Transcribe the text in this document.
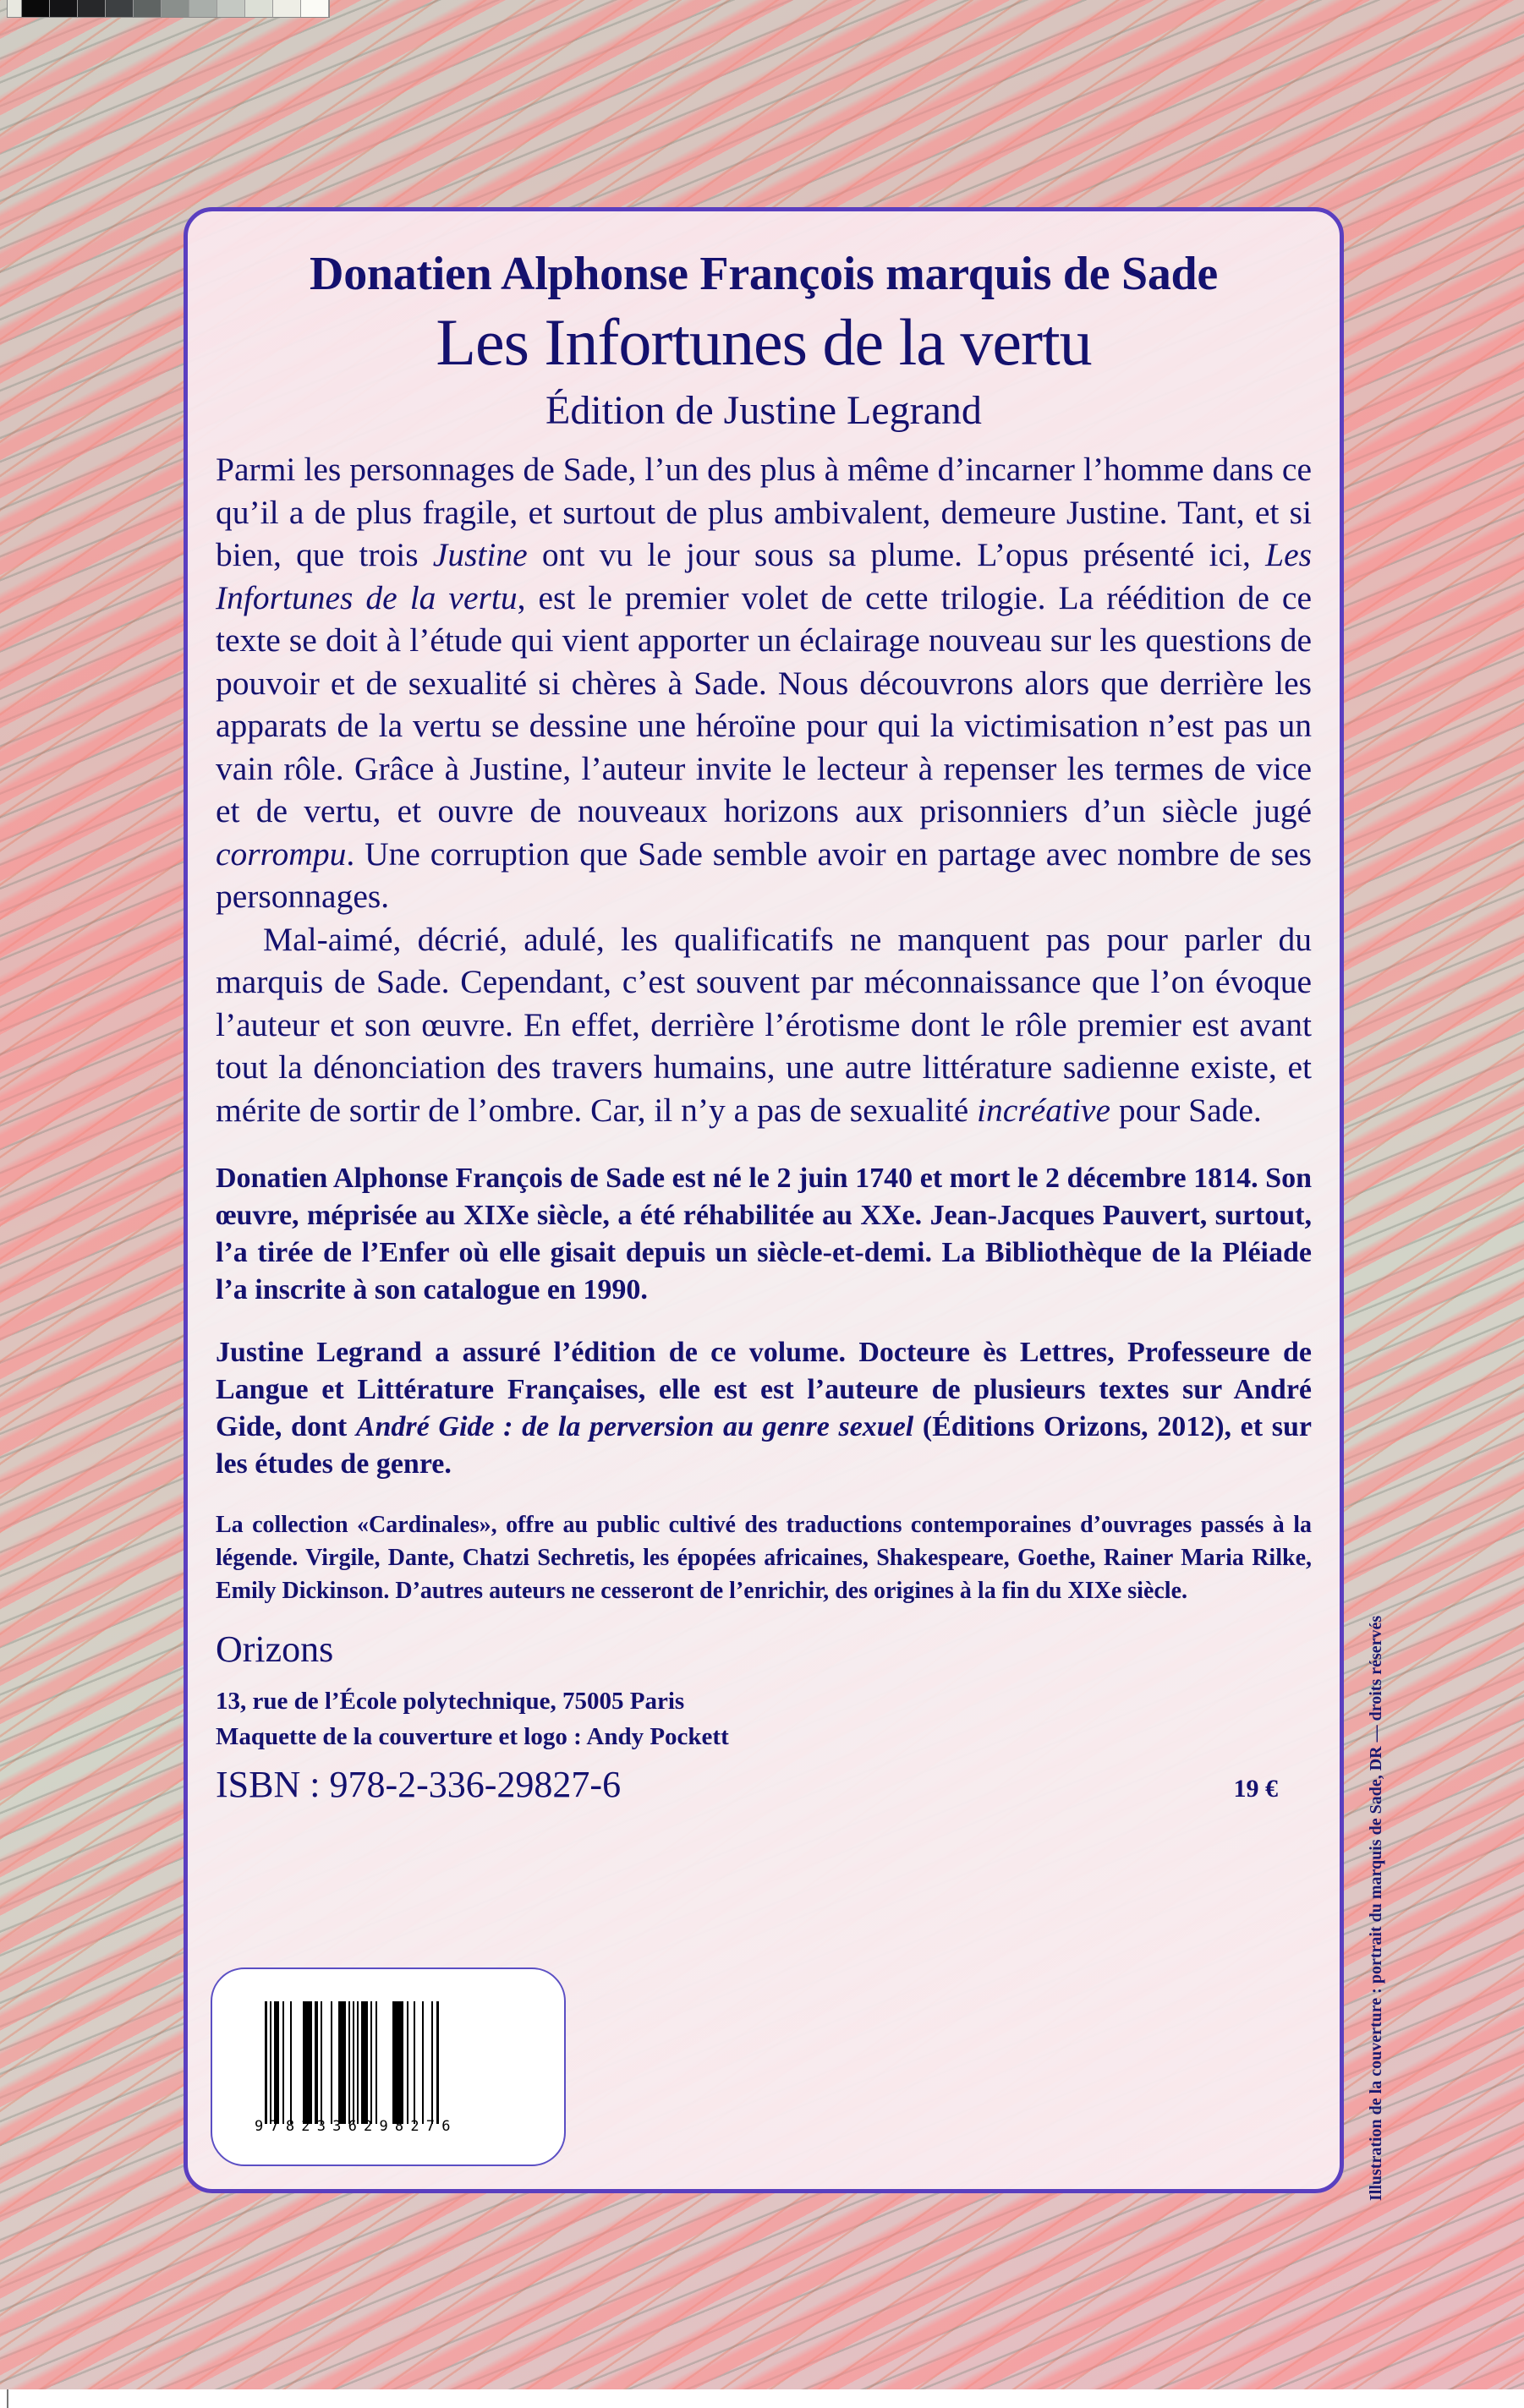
Donatien Alphonse François marquis de Sade
Les Infortunes de la vertu
Édition de Justine Legrand

Parmi les personnages de Sade, l’un des plus à même d’incarner l’homme dans ce qu’il a de plus fragile, et surtout de plus ambivalent, demeure Justine. Tant, et si bien, que trois Justine ont vu le jour sous sa plume. L’opus présenté ici, Les Infortunes de la vertu, est le premier volet de cette trilogie. La réédition de ce texte se doit à l’étude qui vient apporter un éclairage nouveau sur les questions de pouvoir et de sexualité si chères à Sade. Nous découvrons alors que derrière les apparats de la vertu se dessine une héroïne pour qui la victimisation n’est pas un vain rôle. Grâce à Justine, l’auteur invite le lecteur à repenser les termes de vice et de vertu, et ouvre de nouveaux horizons aux prisonniers d’un siècle jugé corrompu. Une corruption que Sade semble avoir en partage avec nombre de ses personnages.

Mal-aimé, décrié, adulé, les qualificatifs ne manquent pas pour parler du marquis de Sade. Cependant, c’est souvent par méconnaissance que l’on évoque l’auteur et son œuvre. En effet, derrière l’érotisme dont le rôle premier est avant tout la dénonciation des travers humains, une autre littérature sadienne existe, et mérite de sortir de l’ombre. Car, il n’y a pas de sexualité incréative pour Sade.

Donatien Alphonse François de Sade est né le 2 juin 1740 et mort le 2 décembre 1814. Son œuvre, méprisée au XIXe siècle, a été réhabilitée au XXe. Jean-Jacques Pauvert, surtout, l’a tirée de l’Enfer où elle gisait depuis un siècle-et-demi. La Bibliothèque de la Pléiade l’a inscrite à son catalogue en 1990.
Justine Legrand a assuré l’édition de ce volume. Docteure ès Lettres, Professeure de Langue et Littérature Françaises, elle est est l’auteure de plusieurs textes sur André Gide, dont André Gide : de la perversion au genre sexuel (Éditions Orizons, 2012), et sur les études de genre.
La collection «Cardinales», offre au public cultivé des traductions contemporaines d’ouvrages passés à la légende. Virgile, Dante, Chatzi Sechretis, les épopées africaines, Shakespeare, Goethe, Rainer Maria Rilke, Emily Dickinson. D’autres auteurs ne cesseront de l’enrichir, des origines à la fin du XIXe siècle.
Orizons
13, rue de l’École polytechnique, 75005 Paris
Maquette de la couverture et logo : Andy Pockett
ISBN : 978-2-336-29827-6	19 €
9782336298276	Illustration de la couverture : portrait du marquis de Sade, DR — droits réservés
